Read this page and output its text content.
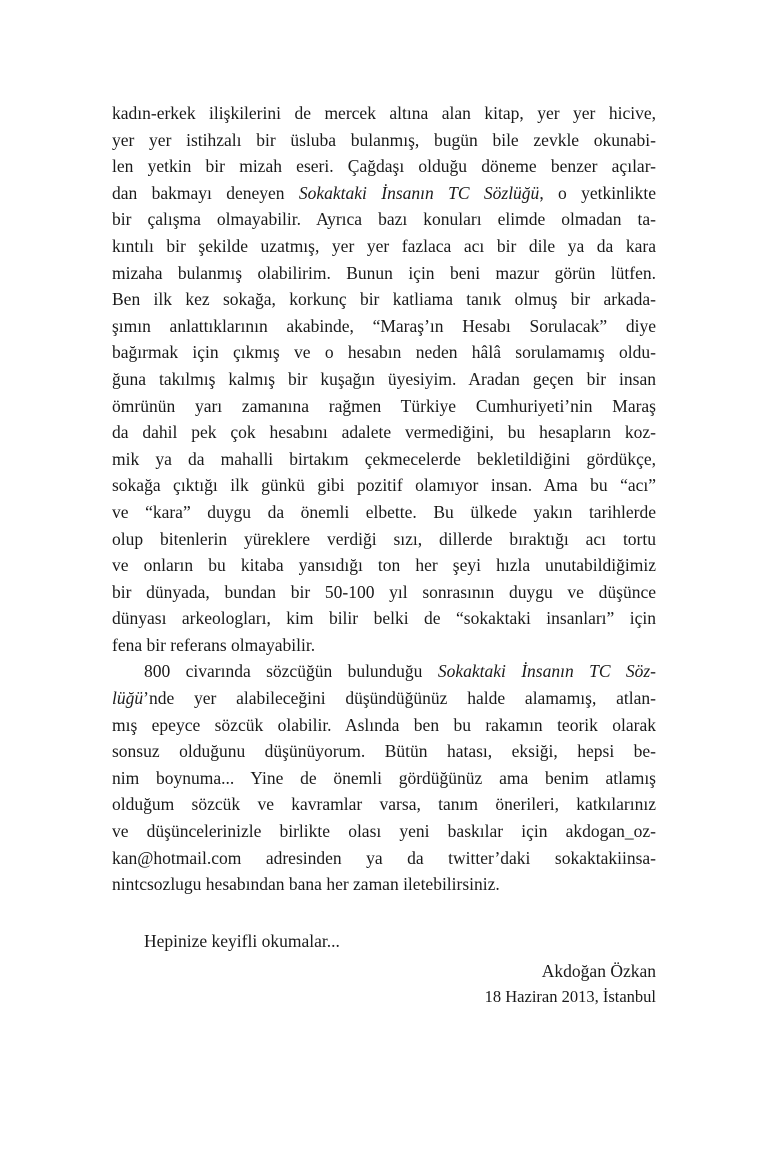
kadın-erkek ilişkilerini de mercek altına alan kitap, yer yer hicive,
yer yer istihzalı bir üsluba bulanmış, bugün bile zevkle okunabi-
len yetkin bir mizah eseri. Çağdaşı olduğu döneme benzer açılar-
dan bakmayı deneyen Sokaktaki İnsanın TC Sözlüğü, o yetkinlikte
bir çalışma olmayabilir. Ayrıca bazı konuları elimde olmadan ta-
kıntılı bir şekilde uzatmış, yer yer fazlaca acı bir dile ya da kara
mizaha bulanmış olabilirim. Bunun için beni mazur görün lütfen.
Ben ilk kez sokağa, korkunç bir katliama tanık olmuş bir arkada-
şımın anlattıklarının akabinde, “Maraş’ın Hesabı Sorulacak” diye
bağırmak için çıkmış ve o hesabın neden hâlâ sorulamamış oldu-
ğuna takılmış kalmış bir kuşağın üyesiyim. Aradan geçen bir insan
ömrünün yarı zamanına rağmen Türkiye Cumhuriyeti’nin Maraş
da dahil pek çok hesabını adalete vermediğini, bu hesapların koz-
mik ya da mahalli birtakım çekmecelerde bekletildiğini gördükçe,
sokağa çıktığı ilk günkü gibi pozitif olamıyor insan. Ama bu “acı”
ve “kara” duygu da önemli elbette. Bu ülkede yakın tarihlerde
olup bitenlerin yüreklere verdiği sızı, dillerde bıraktığı acı tortu
ve onların bu kitaba yansıdığı ton her şeyi hızla unutabildiğimiz
bir dünyada, bundan bir 50-100 yıl sonrasının duygu ve düşünce
dünyası arkeologları, kim bilir belki de “sokaktaki insanları” için
fena bir referans olmayabilir.
800 civarında sözcüğün bulunduğu Sokaktaki İnsanın TC Söz-
lüğü’nde yer alabileceğini düşündüğünüz halde alamamış, atlan-
mış epeyce sözcük olabilir. Aslında ben bu rakamın teorik olarak
sonsuz olduğunu düşünüyorum. Bütün hatası, eksiği, hepsi be-
nim boynuma... Yine de önemli gördüğünüz ama benim atlamış
olduğum sözcük ve kavramlar varsa, tanım önerileri, katkılarınız
ve düşüncelerinizle birlikte olası yeni baskılar için akdogan_oz-
kan@hotmail.com adresinden ya da twitter’daki sokaktakiinsa-
nintcsozlugu hesabından bana her zaman iletebilirsiniz.
Hepinize keyifli okumalar...
Akdoğan Özkan
18 Haziran 2013, İstanbul
